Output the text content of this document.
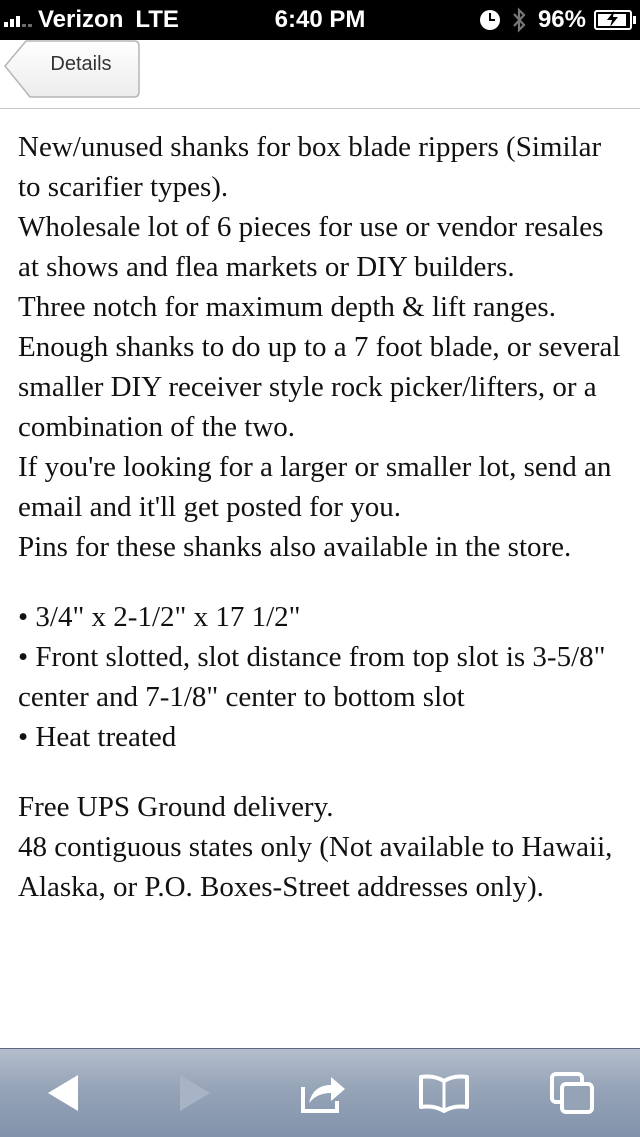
Verizon LTE	6:40 PM	96%
Details

New/unused shanks for box blade rippers (Similar to scarifier types).

Wholesale lot of 6 pieces for use or vendor resales at shows and flea markets or DIY builders.

Three notch for maximum depth & lift ranges.

Enough shanks to do up to a 7 foot blade, or several smaller DIY receiver style rock picker/lifters, or a combination of the two.

If you're looking for a larger or smaller lot, send an email and it'll get posted for you.

Pins for these shanks also available in the store.

• 3/4" x 2-1/2" x 17 1/2"

• Front slotted, slot distance from top slot is 3-5/8" center and 7-1/8" center to bottom slot

• Heat treated

Free UPS Ground delivery.

48 contiguous states only (Not available to Hawaii, Alaska, or P.O. Boxes-Street addresses only).
